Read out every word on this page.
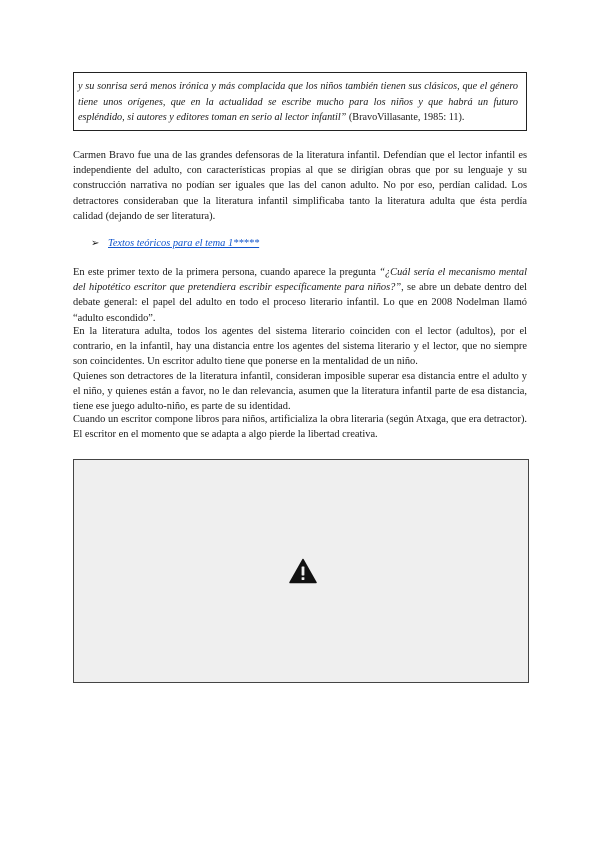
y su sonrisa será menos irónica y más complacida que los niños también tienen sus clásicos, que el género tiene unos orígenes, que en la actualidad se escribe mucho para los niños y que habrá un futuro espléndido, si autores y editores toman en serio al lector infantil” (BravoVillasante, 1985: 11).

Carmen Bravo fue una de las grandes defensoras de la literatura infantil. Defendían que el lector infantil es independiente del adulto, con características propias al que se dirigían obras que por su lenguaje y su construcción narrativa no podían ser iguales que las del canon adulto. No por eso, perdían calidad. Los detractores consideraban que la literatura infantil simplificaba tanto la literatura adulta que ésta perdía calidad (dejando de ser literatura).

➢ Textos teóricos para el tema 1*****

En este primer texto de la primera persona, cuando aparece la pregunta “¿Cuál sería el mecanismo mental del hipotético escritor que pretendiera escribir específicamente para niños?”, se abre un debate dentro del debate general: el papel del adulto en todo el proceso literario infantil. Lo que en 2008 Nodelman llamó “adulto escondido”.

En la literatura adulta, todos los agentes del sistema literario coinciden con el lector (adultos), por el contrario, en la infantil, hay una distancia entre los agentes del sistema literario y el lector, que no siempre son coincidentes. Un escritor adulto tiene que ponerse en la mentalidad de un niño.

Quienes son detractores de la literatura infantil, consideran imposible superar esa distancia entre el adulto y el niño, y quienes están a favor, no le dan relevancia, asumen que la literatura infantil parte de esa distancia, tiene ese juego adulto-niño, es parte de su identidad.

Cuando un escritor compone libros para niños, artificializa la obra literaria (según Atxaga, que era detractor). El escritor en el momento que se adapta a algo pierde la libertad creativa.
